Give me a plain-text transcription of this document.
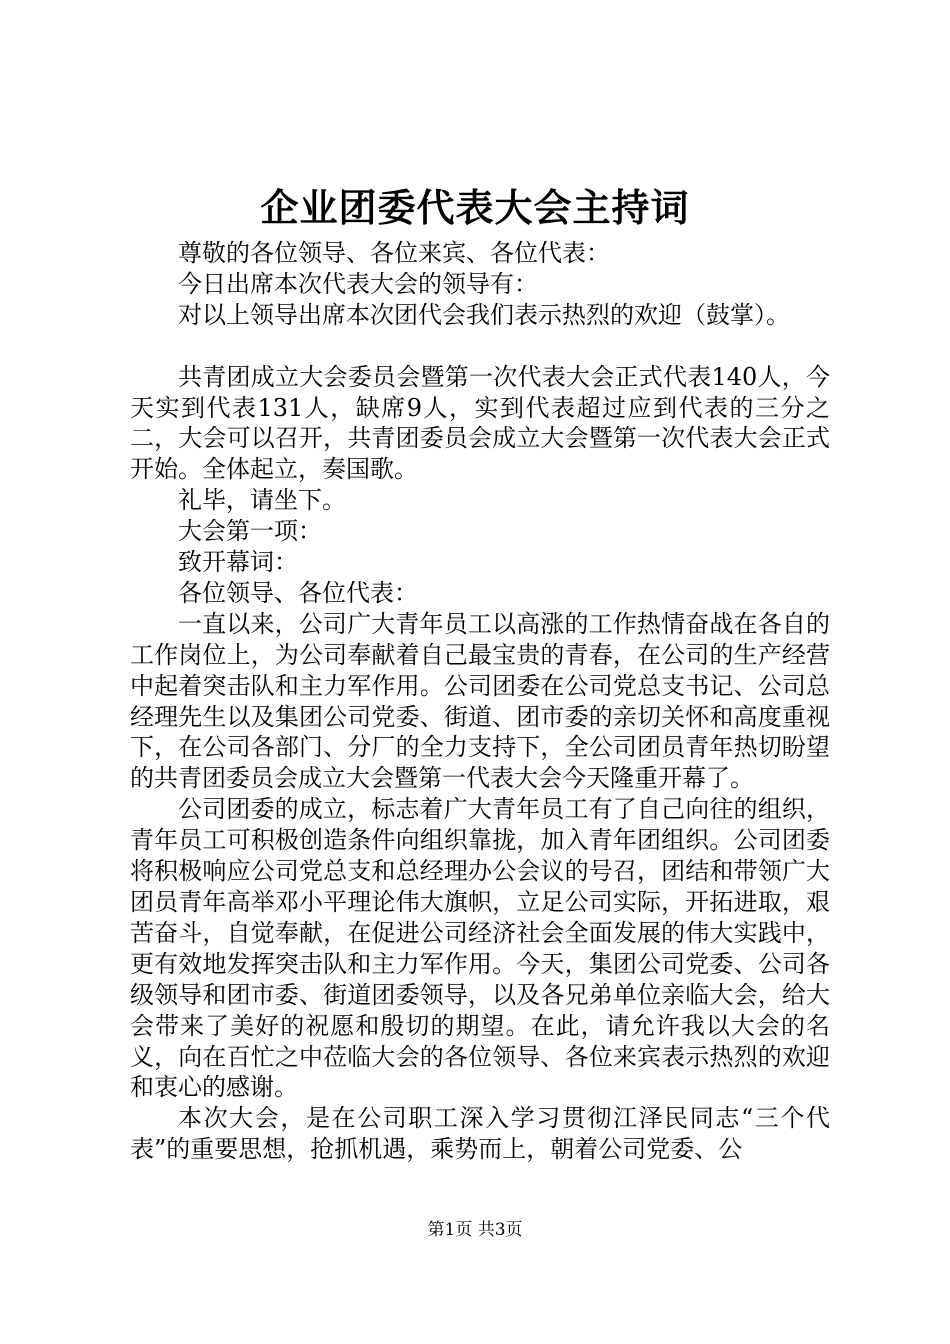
企业团委代表大会主持词

尊敬的各位领导、各位来宾、各位代表：

今日出席本次代表大会的领导有：

对以上领导出席本次团代会我们表示热烈的欢迎（鼓掌）。

共青团成立大会委员会暨第一次代表大会正式代表140人，今天实到代表131人，缺席9人，实到代表超过应到代表的三分之二，大会可以召开，共青团委员会成立大会暨第一次代表大会正式开始。全体起立，奏国歌。

礼毕，请坐下。

大会第一项：

致开幕词：

各位领导、各位代表：

一直以来，公司广大青年员工以高涨的工作热情奋战在各自的工作岗位上，为公司奉献着自己最宝贵的青春，在公司的生产经营中起着突击队和主力军作用。公司团委在公司党总支书记、公司总经理先生以及集团公司党委、街道、团市委的亲切关怀和高度重视下，在公司各部门、分厂的全力支持下，全公司团员青年热切盼望的共青团委员会成立大会暨第一代表大会今天隆重开幕了。

公司团委的成立，标志着广大青年员工有了自己向往的组织，青年员工可积极创造条件向组织靠拢，加入青年团组织。公司团委将积极响应公司党总支和总经理办公会议的号召，团结和带领广大团员青年高举邓小平理论伟大旗帜，立足公司实际，开拓进取，艰苦奋斗，自觉奉献，在促进公司经济社会全面发展的伟大实践中，更有效地发挥突击队和主力军作用。今天，集团公司党委、公司各级领导和团市委、街道团委领导，以及各兄弟单位亲临大会，给大会带来了美好的祝愿和殷切的期望。在此，请允许我以大会的名义，向在百忙之中莅临大会的各位领导、各位来宾表示热烈的欢迎和衷心的感谢。

本次大会，是在公司职工深入学习贯彻江泽民同志“三个代表”的重要思想，抢抓机遇，乘势而上，朝着公司党委、公

第1页 共3页
